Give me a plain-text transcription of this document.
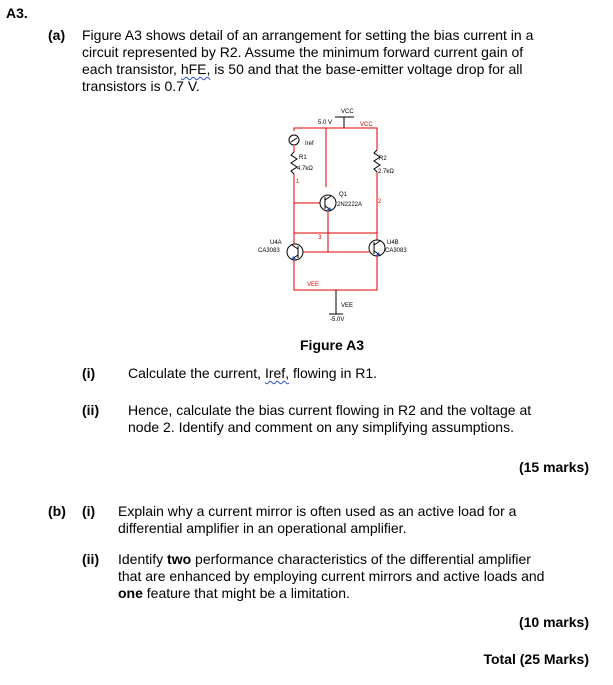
A3.
(a) Figure A3 shows detail of an arrangement for setting the bias current in a
circuit represented by R2. Assume the minimum forward current gain of
each transistor, hFE, is 50 and that the base-emitter voltage drop for all
transistors is 0.7 V.
VCC
5.0 V	VCC
Iref
R1
4.7kΩ
1
R2
2.7kΩ
2
Q1
2N2222A
3
U4A
CA3083
U4B
CA3083
VEE
VEE
-5.0V
Figure A3
(i) Calculate the current, Iref, flowing in R1.
(ii) Hence, calculate the bias current flowing in R2 and the voltage at
node 2. Identify and comment on any simplifying assumptions.
(15 marks)
(b) (i) Explain why a current mirror is often used as an active load for a
differential amplifier in an operational amplifier.
(ii) Identify two performance characteristics of the differential amplifier
that are enhanced by employing current mirrors and active loads and
one feature that might be a limitation.
(10 marks)
Total (25 Marks)
